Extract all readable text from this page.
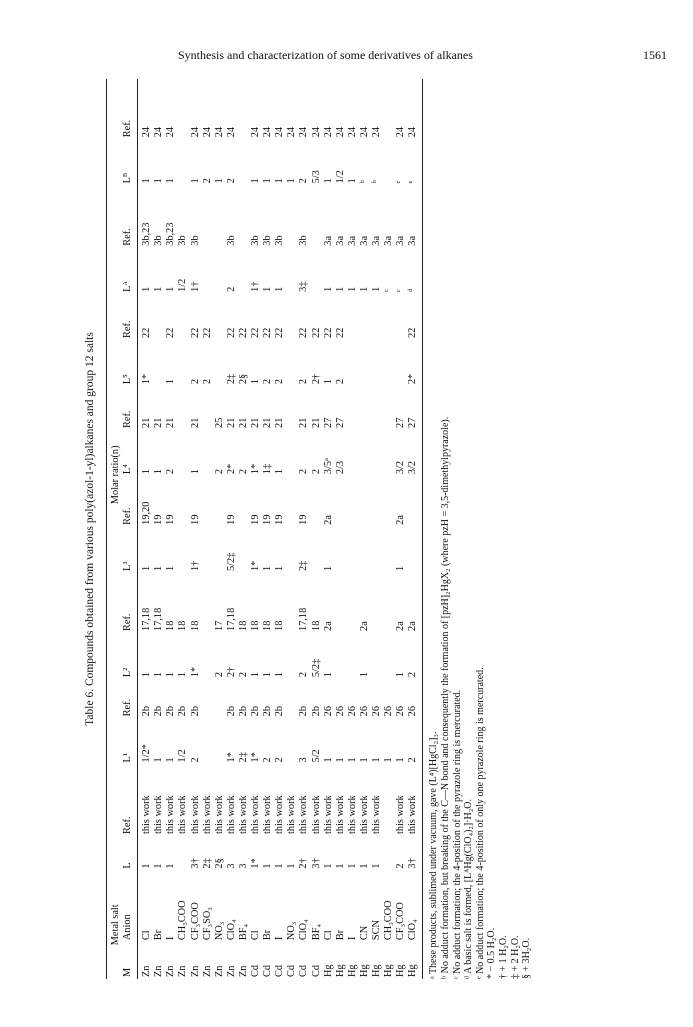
Synthesis and characterization of some derivatives of alkanes	1561
Table 6. Compounds obtained from various poly(azol-1-yl)alkanes and group 12 salts
Metal salt		Molar ratio(n)															
M	Anion	L	Ref.	L¹	Ref.	L²	Ref.	L³	Ref.	L⁴	Ref.	L⁵	Ref.	Lᴬ	Ref.	Lᴮ	Ref.
Zn	Cl	1	this work	1/2*	2b	1	17,18	1	19,20	1	21	1*	22	1	3b,23	1	24
Zn	Br	1	this work	1	2b	1	17,18	1	19	1	21			1	3b	1	24
Zn	I	1	this work	1	2b	1	18	1	19	2	21	1	22	1	3b,23	1	24
Zn	CH₃COO		this work	1/2	2b	1	18							1/2	3b		
Zn	CF₃COO	3†	this work	2	2b	1*	18	1†	19	1	21	2	22	1†	3b	1	24
Zn	CF₃SO₃	2‡	this work									2	22			2	24
Zn	NO₃	2§	this work			2	17			2	25					1	24
Zn	ClO₄	3	this work	1*	2b	2†	17,18	5/2‡	19	2*	21	2‡	22	2	3b	2	24
Zn	BF₄	3	this work	2‡	2b	2	18			2	21	2§	22				
Cd	Cl	1*	this work	1*	2b	1	18	1*	19	1*	21	1	22	1†	3b	1	24
Cd	Br	1	this work	2	2b	1	18	1	19	1‡	21	2	22	1	3b	1	24
Cd	I	1	this work	2	2b	1	18	1	19	1	21	2	22	1	3b	1	24
Cd	NO₃	1	this work													1	24
Cd	ClO₄	2†	this work	3	2b	2	17,18	2‡	19	2	21	2	22	3‡	3b	2	24
Cd	BF₄	3†	this work	5/2	2b	5/2‡	18			2	21	2†	22			5/3	24
Hg	Cl	1	this work	1	26	1	2a	1	2a	3/5ᵃ	27	1	22	1	3a	1	24
Hg	Br	1	this work	1	26					2/3	27	2	22	1	3a	1/2	24
Hg	I	1	this work	1	26									1	3a	1	24
Hg	CN	1	this work	1	26	1	2a							1	3a	ᵇ	24
Hg	SCN	1	this work	1	26									1	3a	ᵇ	24
Hg	CH₃COO			1	26									ᶜ	3a		
Hg	CF₃COO	2	this work	1	26	1	2a	1	2a	3/2	27			ᶜ	3a	ᶜ	24
Hg	ClO₄	3†	this work	2	26	2	2a			3/2	27	2*	22	ᵈ	3a	ᵉ	24
ᵃ These products, sublimed under vacuum, gave (L⁴)[HgCl₂]₃. ᵇ No adduct formation, but breaking of the C—N bond and consequently the formation of [pzH]₂HgX₂ (where pzH = 3,5-dimethylpyrazole). ᶜ No adduct formation; the 4-position of the pyrazole ring is mercurated. ᵈ A basic salt is formed, [LᴬHg(ClO₄)₂]·H₂O. ᵉ No adduct formation; the 4-position of only one pyrazole ring is mercurated. * − 0.5 H₂O. † + 1 H₂O. ‡ + 2 H₂O. § + 3H₂O.
